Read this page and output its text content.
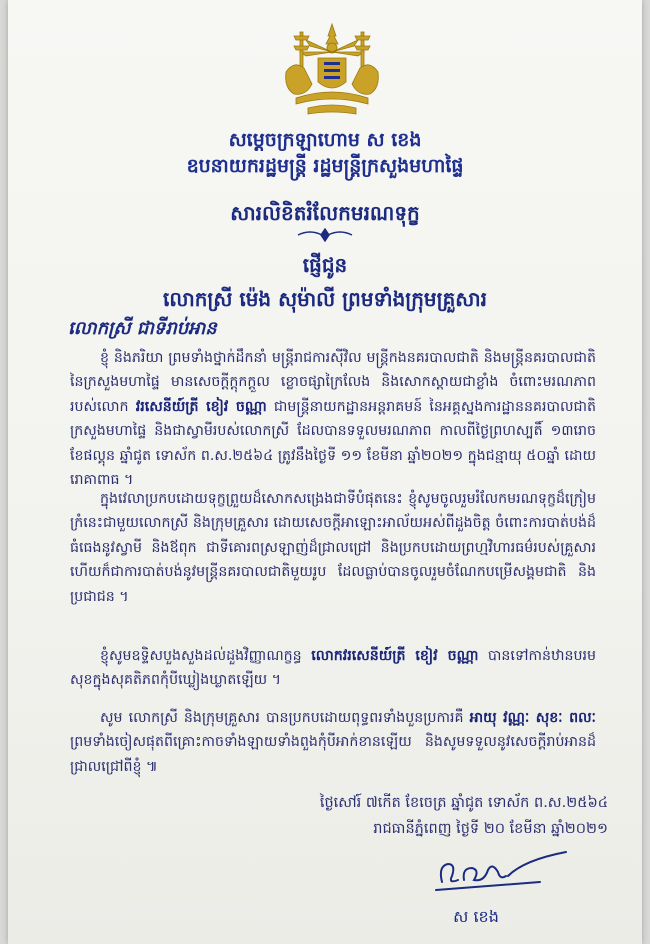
សម្ដេចក្រឡាហោម ស ខេង
ឧបនាយករដ្ឋមន្ត្រី រដ្ឋមន្ត្រីក្រសួងមហាផ្ទៃ
សារលិខិតរំលែកមរណទុក្ខ
ផ្ញើជូន
លោកស្រី ម៉េង សុម៉ាលី ព្រមទាំងក្រុមគ្រួសារ
លោកស្រី ជាទីរាប់អាន

ខ្ញុំ និងភរិយា ព្រមទាំងថ្នាក់ដឹកនាំ មន្ត្រីរាជការស៊ីវិល មន្ត្រីកងនគរបាលជាតិ និងមន្ត្រីនគរបាលជាតិ នៃក្រសួងមហាផ្ទៃ មានសេចក្ដីក្ដុកក្ដួល ខ្លោចផ្សាក្រៃលែង និងសោកស្ដាយជាខ្លាំង ចំពោះមរណភាពរបស់លោក វរសេនីយ៍ត្រី ខៀវ ចណ្ណា ជាមន្ត្រីនាយកដ្ឋានអន្តរាគមន៍ នៃអគ្គស្នងការដ្ឋាននគរបាលជាតិ ក្រសួងមហាផ្ទៃ និងជាស្វាមីរបស់លោកស្រី ដែលបានទទួលមរណភាព កាលពីថ្ងៃព្រហស្បតិ៍ ១៣រោច ខែផល្គុន ឆ្នាំជូត ទោស័ក ព.ស.២៥៦៤ ត្រូវនឹងថ្ងៃទី ១១ ខែមីនា ឆ្នាំ២០២១ ក្នុងជន្មាយុ ៥០ឆ្នាំ ដោយរោគាពាធ ។

ក្នុងវេលាប្រកបដោយទុក្ខព្រួយដ៏សោកសង្រេងជាទីបំផុតនេះ ខ្ញុំសូមចូលរួមរំលែកមរណទុក្ខដ៏ក្រៀមក្រំនេះជាមួយលោកស្រី និងក្រុមគ្រួសារ ដោយសេចក្ដីអាឡោះអាល័យអស់ពីដួងចិត្ត ចំពោះការបាត់បង់ដ៏ធំធេងនូវស្វាមី និងឪពុក ជាទីគោរពស្រឡាញ់ដ៏ជ្រាលជ្រៅ និងប្រកបដោយព្រហ្មវិហារធម៌របស់គ្រួសារ ហើយក៏ជាការបាត់បង់នូវមន្ត្រីនគរបាលជាតិមួយរូប ដែលធ្លាប់បានចូលរួមចំណែកបម្រើសង្គមជាតិ និងប្រជាជន ។

ខ្ញុំសូមឧទ្ទិសបួងសួងដល់ដួងវិញ្ញាណក្ខន្ធ លោកវរសេនីយ៍ត្រី ខៀវ ចណ្ណា បានទៅកាន់ឋានបរមសុខក្នុងសុគតិភពកុំបីឃ្លៀងឃ្លាតឡើយ ។

សូម លោកស្រី និងក្រុមគ្រួសារ បានប្រកបដោយពុទ្ធពរទាំងបួនប្រការគឺ អាយុ វណ្ណៈ សុខៈ ពលៈ ព្រមទាំងចៀសផុតពីគ្រោះកាចទាំងឡាយទាំងពួងកុំបីអាក់ខានឡើយ និងសូមទទួលនូវសេចក្ដីរាប់អានដ៏ជ្រាលជ្រៅពីខ្ញុំ ៕

ថ្ងៃសៅរ៍ ៧កើត ខែចេត្រ ឆ្នាំជូត ទោស័ក ព.ស.២៥៦៤
រាជធានីភ្នំពេញ ថ្ងៃទី ២០ ខែមីនា ឆ្នាំ២០២១
ស ខេង
